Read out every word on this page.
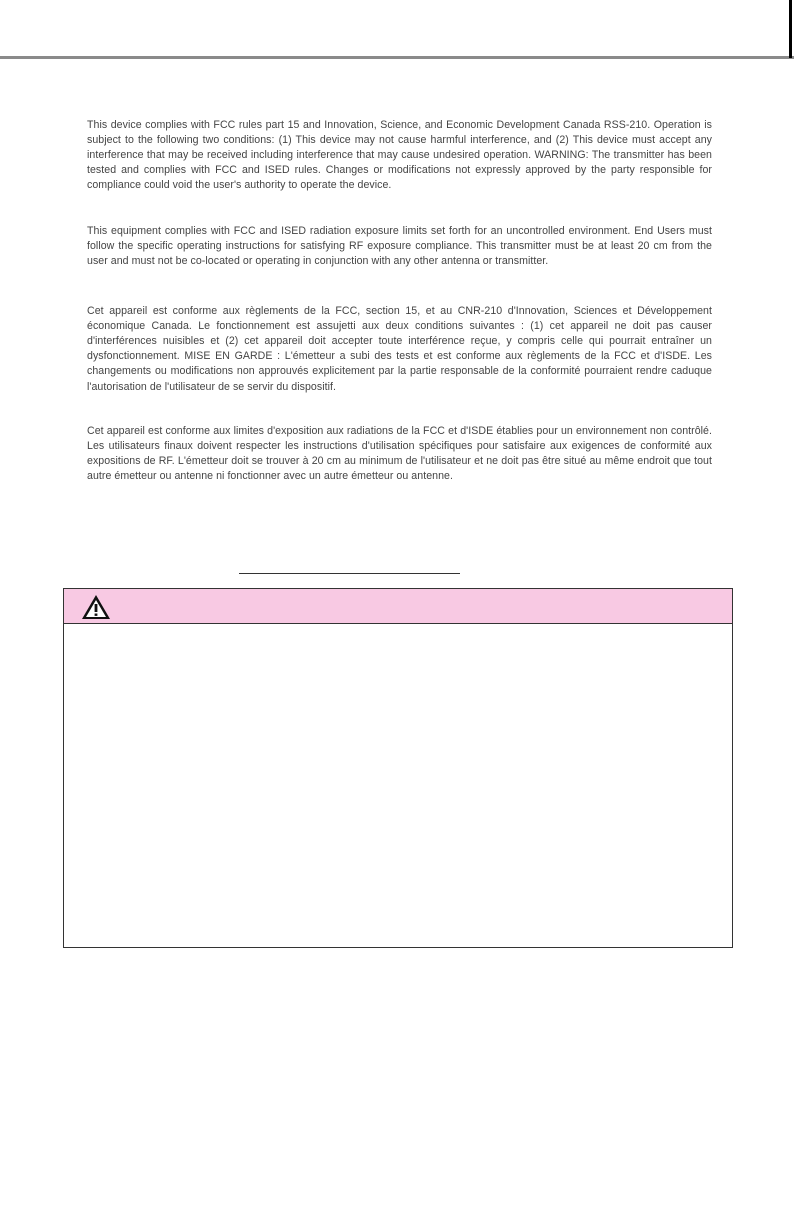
This device complies with FCC rules part 15 and Innovation, Science, and Economic Development Canada RSS-210. Operation is subject to the following two conditions: (1) This device may not cause harmful interference, and (2) This device must accept any interference that may be received including interference that may cause undesired operation. WARNING: The transmitter has been tested and complies with FCC and ISED rules. Changes or modifications not expressly approved by the party responsible for compliance could void the user's authority to operate the device.

This equipment complies with FCC and ISED radiation exposure limits set forth for an uncontrolled environment. End Users must follow the specific operating instructions for satisfying RF exposure compliance. This transmitter must be at least 20 cm from the user and must not be co-located or operating in conjunction with any other antenna or transmitter.

Cet appareil est conforme aux règlements de la FCC, section 15, et au CNR-210 d'Innovation, Sciences et Développement économique Canada. Le fonctionnement est assujetti aux deux conditions suivantes : (1) cet appareil ne doit pas causer d'interférences nuisibles et (2) cet appareil doit accepter toute interférence reçue, y compris celle qui pourrait entraîner un dysfonctionnement. MISE EN GARDE : L'émetteur a subi des tests et est conforme aux règlements de la FCC et d'ISDE. Les changements ou modifications non approuvés explicitement par la partie responsable de la conformité pourraient rendre caduque l'autorisation de l'utilisateur de se servir du dispositif.

Cet appareil est conforme aux limites d'exposition aux radiations de la FCC et d'ISDE établies pour un environnement non contrôlé. Les utilisateurs finaux doivent respecter les instructions d'utilisation spécifiques pour satisfaire aux exigences de conformité aux expositions de RF. L'émetteur doit se trouver à 20 cm au minimum de l'utilisateur et ne doit pas être situé au même endroit que tout autre émetteur ou antenne ni fonctionner avec un autre émetteur ou antenne.
